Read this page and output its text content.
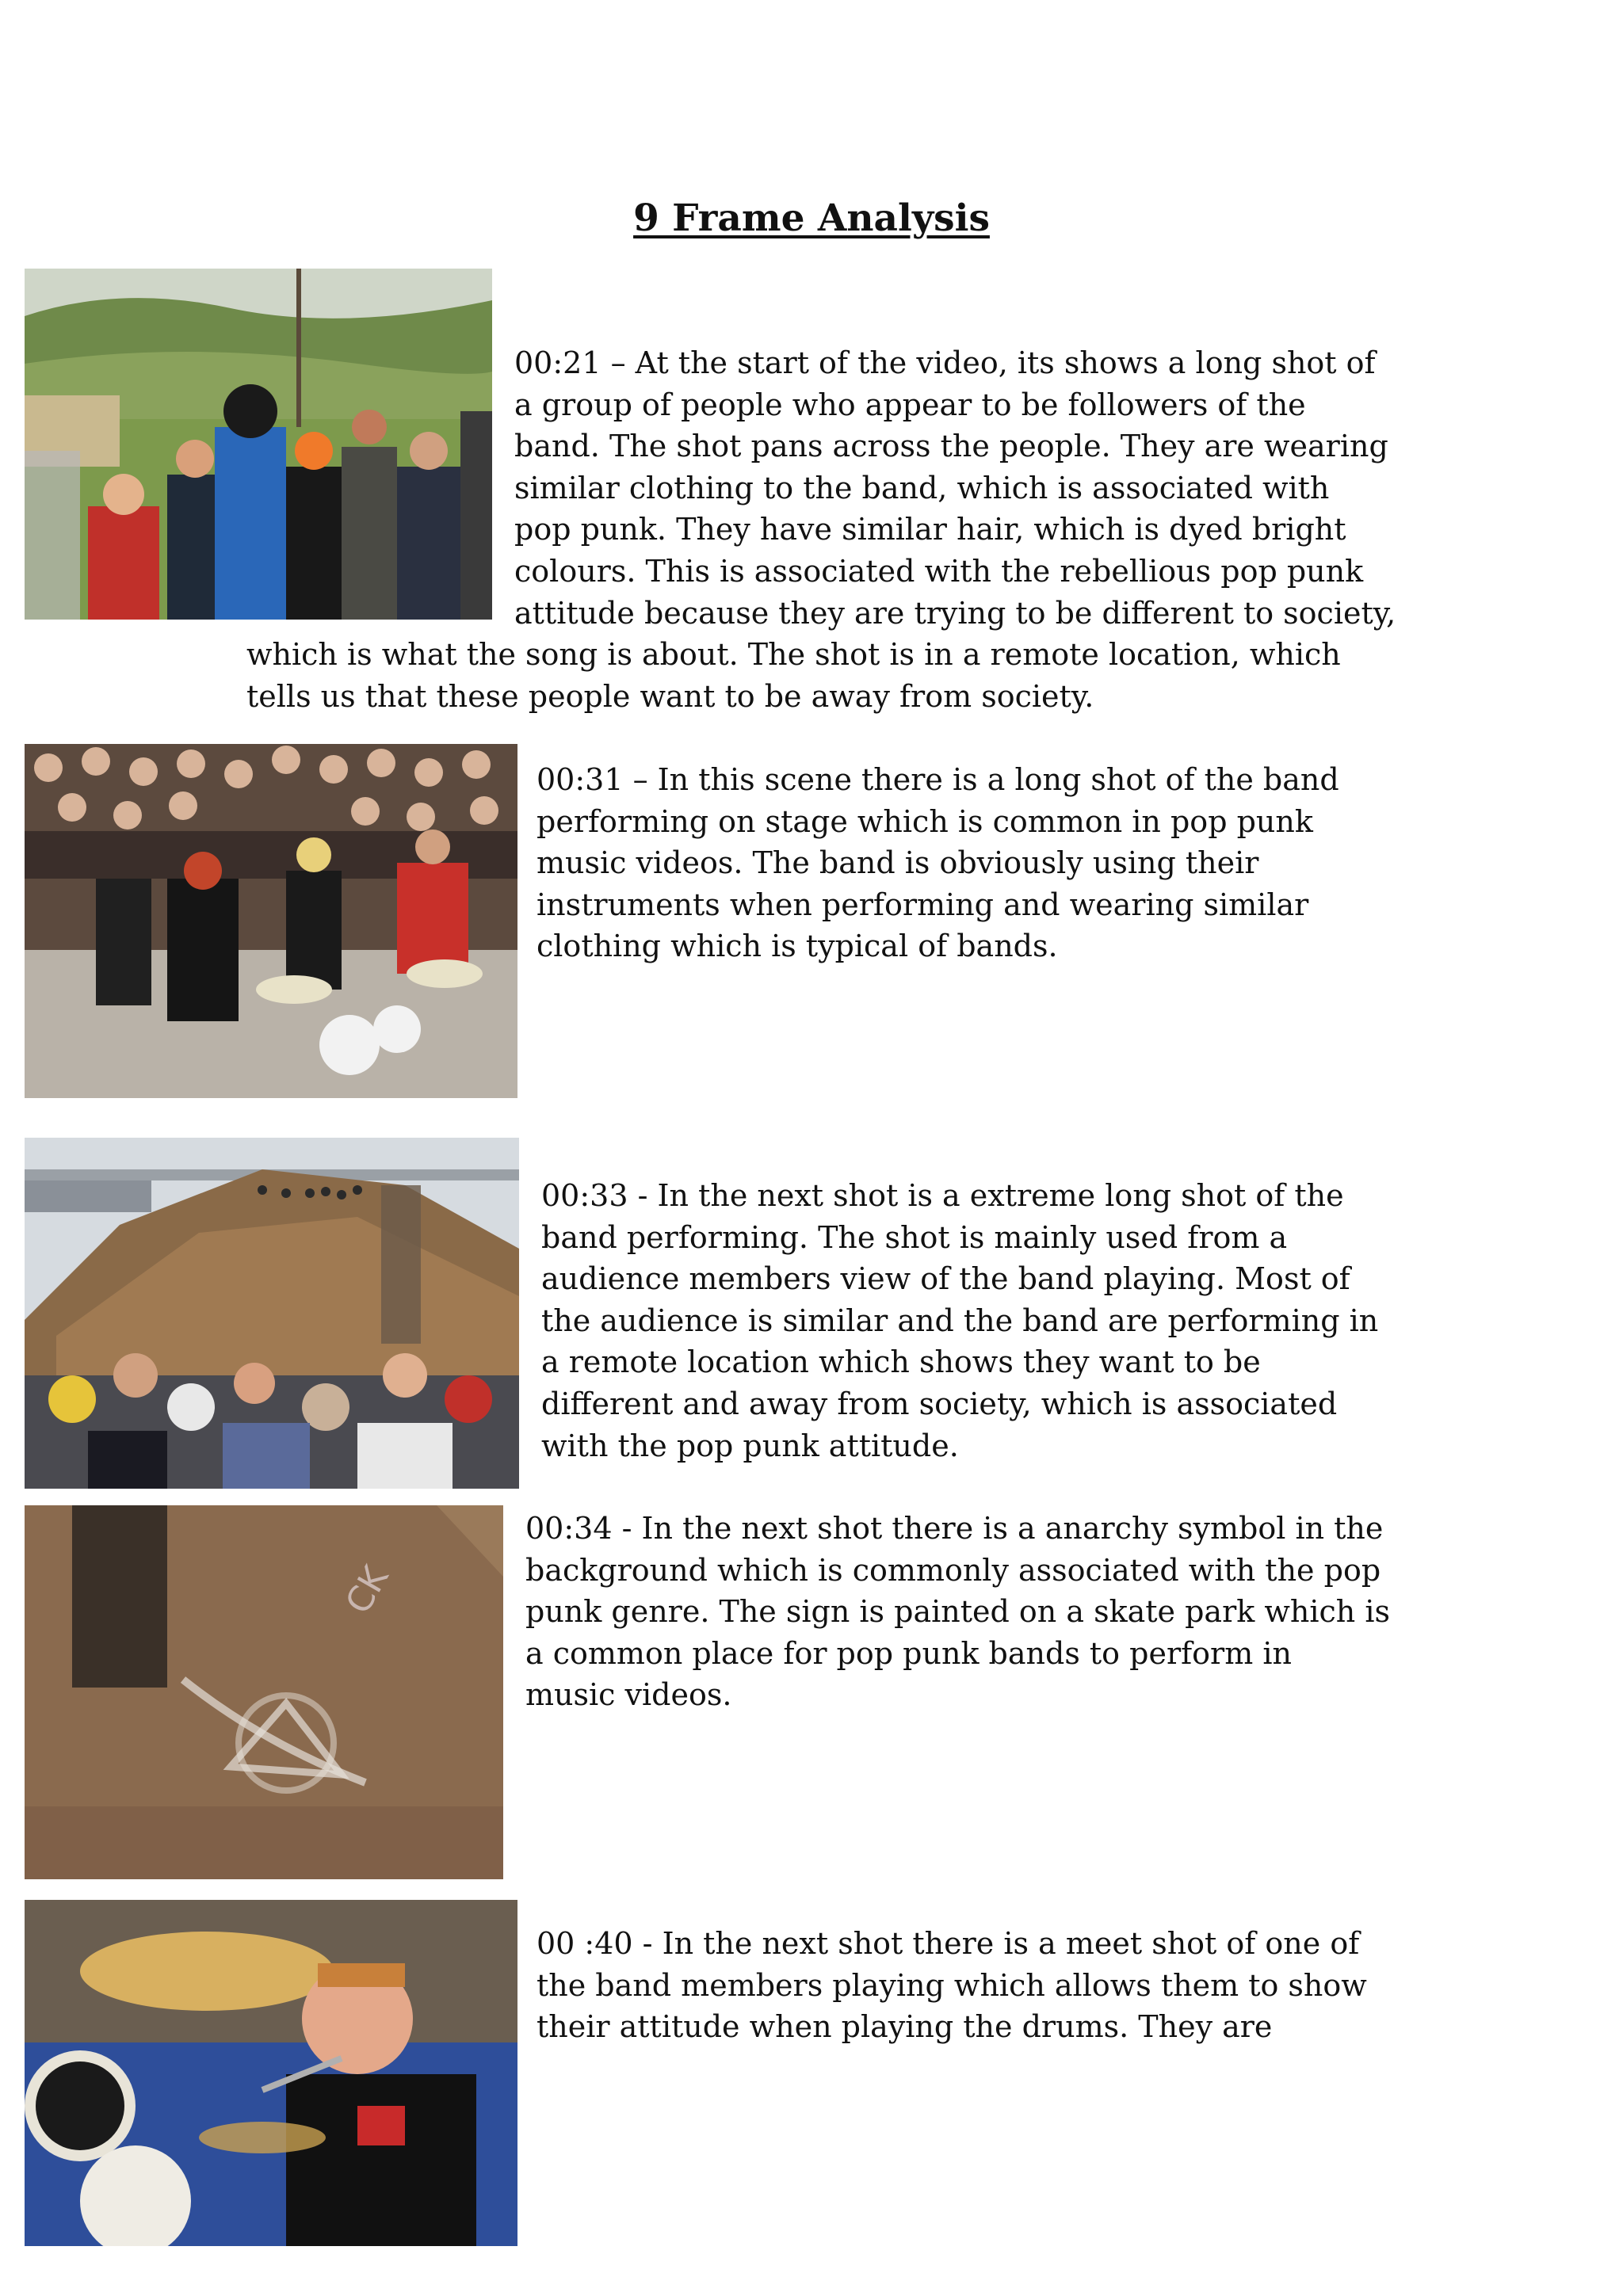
9 Frame Analysis

00:21 – At the start of the video, its shows a long shot of
a group of people who appear to be followers of the
band. The shot pans across the people. They are wearing
similar clothing to the band, which is associated with
pop punk. They have similar hair, which is dyed bright
colours. This is associated with the rebellious pop punk
attitude because they are trying to be different to society,

which is what the song is about. The shot is in a remote location, which
tells us that these people want to be away from society.

00:31 – In this scene there is a long shot of the band
performing on stage which is common in pop punk
music videos. The band is obviously using their
instruments when performing and wearing similar
clothing which is typical of bands.

00:33 - In the next shot is a extreme long shot of the
band performing. The shot is mainly used from a
audience members view of the band playing. Most of
the audience is similar and the band are performing in
a remote location which shows they want to be
different and away from society, which is associated
with the pop punk attitude.

CK

00:34 - In the next shot there is a anarchy symbol in the
background which is commonly associated with the pop
punk genre. The sign is painted on a skate park which is
a common place for pop punk bands to perform in
music videos.

00 :40 - In the next shot there is a meet shot of one of
the band members playing which allows them to show
their attitude when playing the drums. They are
